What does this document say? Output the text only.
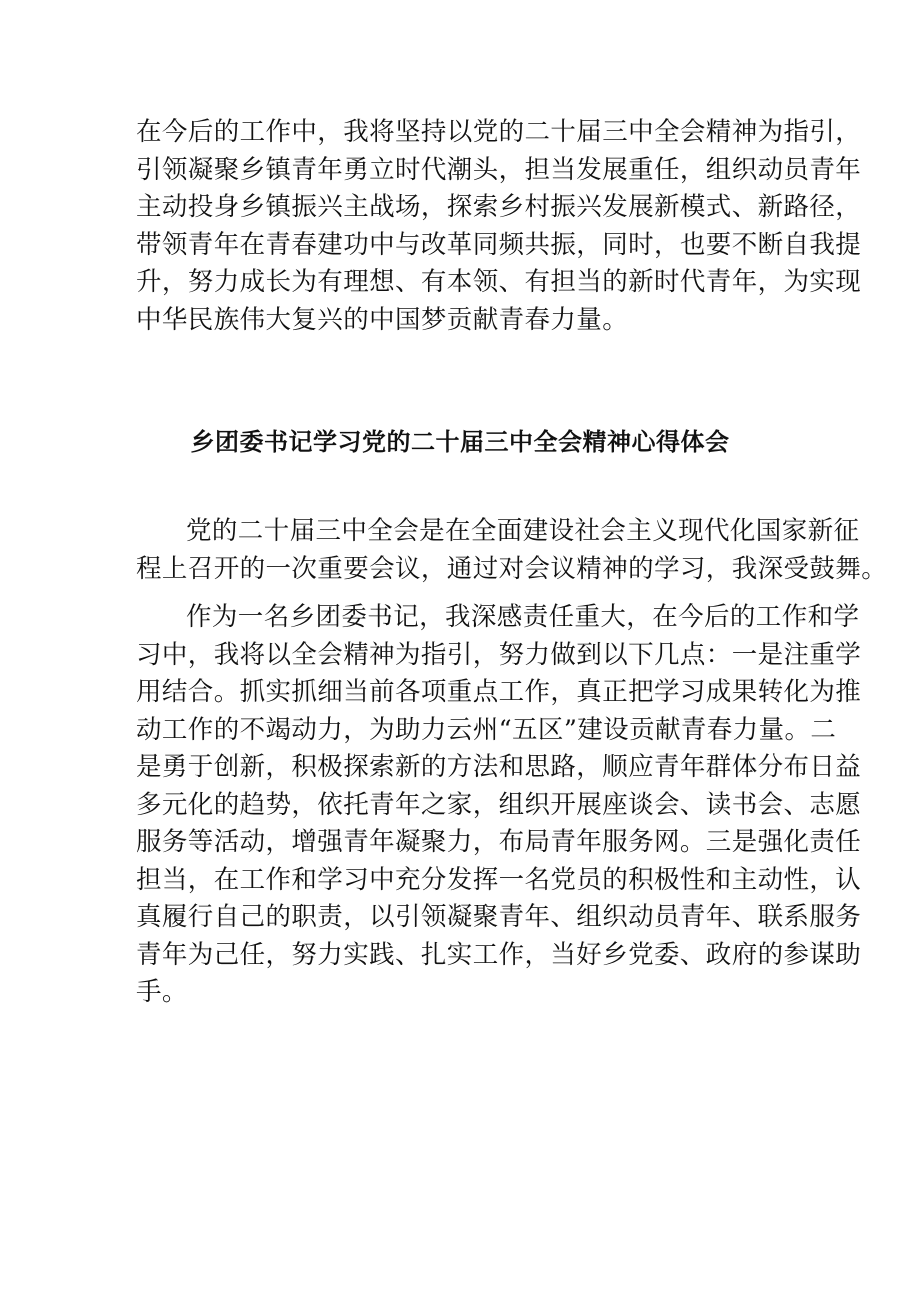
在今后的工作中，我将坚持以党的二十届三中全会精神为指引，
引领凝聚乡镇青年勇立时代潮头，担当发展重任，组织动员青年
主动投身乡镇振兴主战场，探索乡村振兴发展新模式、新路径，
带领青年在青春建功中与改革同频共振，同时，也要不断自我提
升，努力成长为有理想、有本领、有担当的新时代青年，为实现
中华民族伟大复兴的中国梦贡献青春力量。
乡团委书记学习党的二十届三中全会精神心得体会
党的二十届三中全会是在全面建设社会主义现代化国家新征
程上召开的一次重要会议，通过对会议精神的学习，我深受鼓舞。
作为一名乡团委书记，我深感责任重大，在今后的工作和学
习中，我将以全会精神为指引，努力做到以下几点：一是注重学
用结合。抓实抓细当前各项重点工作，真正把学习成果转化为推
动工作的不竭动力，为助力云州“五区”建设贡献青春力量。二
是勇于创新，积极探索新的方法和思路，顺应青年群体分布日益
多元化的趋势，依托青年之家，组织开展座谈会、读书会、志愿
服务等活动，增强青年凝聚力，布局青年服务网。三是强化责任
担当，在工作和学习中充分发挥一名党员的积极性和主动性，认
真履行自己的职责，以引领凝聚青年、组织动员青年、联系服务
青年为己任，努力实践、扎实工作，当好乡党委、政府的参谋助
手。
